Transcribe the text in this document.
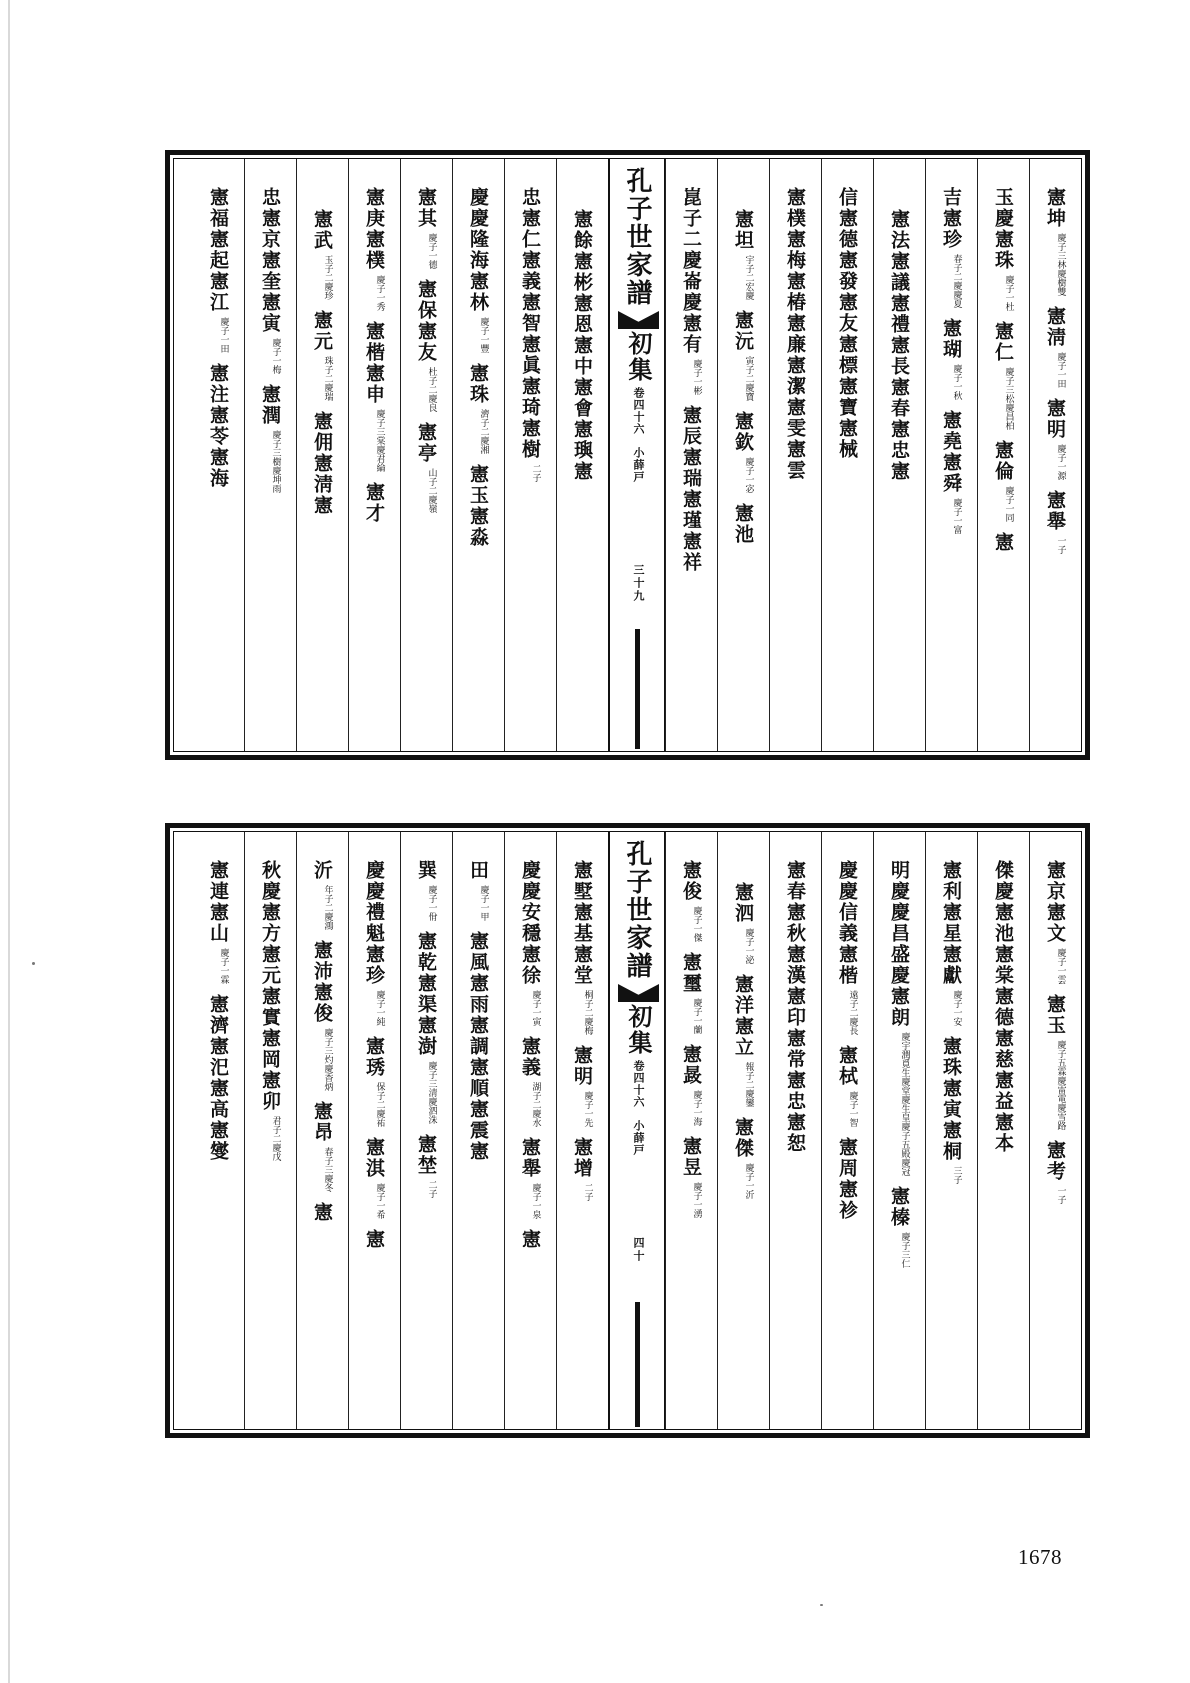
憲坤
慶子三林慶樹雙
憲淸
慶子一田
憲明
慶子一源
憲舉
一子
玉慶憲珠
慶子一杜
憲仁
慶子三松慶昌柏
憲倫
慶子一同
憲
吉憲珍
春子二慶慶夏
憲瑚
慶子一秋
憲堯憲舜
慶子一富
憲法憲議憲禮憲長憲春憲忠憲
信憲德憲發憲友憲標憲寶憲械
憲樸憲梅憲椿憲廉憲潔憲雯憲雲
憲坦
宇子二宏慶
憲沅
寅子二慶寶
憲欽
慶子一宓
憲池
崑子二慶崙慶憲有
慶子一彬
憲辰憲瑞憲瑾憲祥
孔子世家譜
初集
卷四十六　小薛戸
三十九
憲餘憲彬憲恩憲中憲會憲璵憲
忠憲仁憲義憲智憲眞憲琦憲樹
二子
慶慶隆海憲林
慶子一豐
憲珠
濟子二慶湘
憲玉憲淼
憲其
慶子一德
憲保憲友
杜子二慶良
憲亭
山子二慶嶺
憲庚憲樸
慶子一秀
憲楷憲申
慶子三棠慶君綸
憲才
憲武
玉子二慶珍
憲元
珠子二慶瑞
憲佣憲淸憲
忠憲京憲奎憲寅
慶子一梅
憲潤
慶子三樹慶坤雨
憲福憲起憲江
慶子一田
憲注憲苓憲海
憲京憲文
慶子一雲
憲玉
慶子五霖慶雷電慶雪路
憲考
一子
傑慶憲池憲棠憲德憲慈憲益憲本
憲利憲星憲獻
慶子一安
憲珠憲寅憲桐
三子
明慶慶昌盛慶憲朗
慶宇潤覓生慶堂慶生皇慶子五殿慶冠
憲榛
慶子三仁
慶慶信義憲楷
遠子二慶長
憲栻
慶子一智
憲周憲袗
憲春憲秋憲漢憲印憲常憲忠憲恕
憲泗
慶子一泌
憲洋憲立
報子二慶鑾
憲傑
慶子一沂
憲俊
慶子一傑
憲璽
慶子一蘭
憲晸
慶子一海
憲昱
慶子一湧
孔子世家譜
初集
卷四十六　小薛戸
四十
憲墅憲基憲堂
桐子二慶梅
憲明
慶子一先
憲增
二子
慶慶安穩憲徐
慶子一寅
憲義
湖子二慶水
憲舉
慶子一泉
憲
田
慶子一甲
憲風憲雨憲調憲順憲震憲
巽
慶子一佾
憲乾憲渠憲澍
慶子三淸慶泗洙
憲埜
二子
慶慶禮魁憲珍
慶子一純
憲琇
保子二慶祐
憲淇
慶子一希
憲
沂
年子二慶鴻
憲沛憲俊
慶子三灼慶香炳
憲昂
春子三慶冬
憲
秋慶憲方憲元憲實憲岡憲卯
君子二慶戊
憲連憲山
慶子一霖
憲濟憲汜憲高憲燮
1678
